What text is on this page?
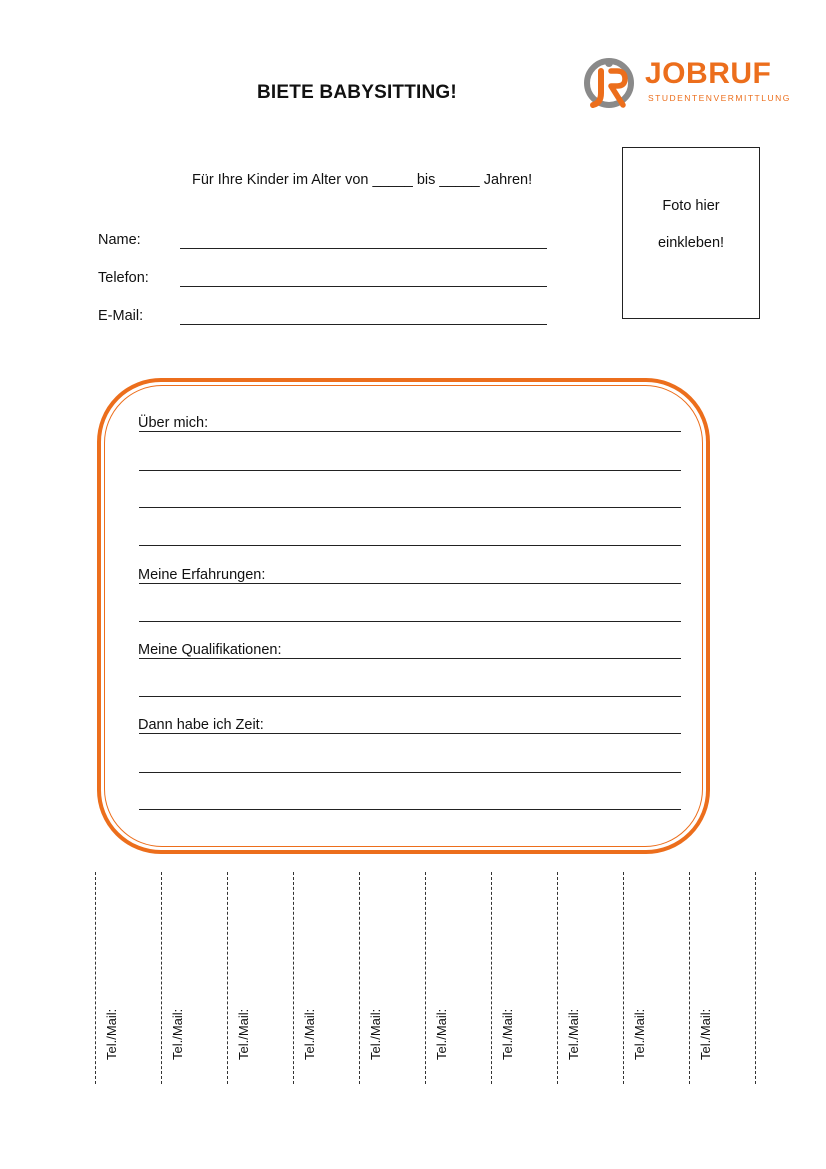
BIETE BABYSITTING!
JOBRUF
STUDENTENVERMITTLUNG
Für Ihre Kinder im Alter von _____ bis _____ Jahren!
Foto hier
einkleben!
Name:
Telefon:
E-Mail:
Über mich:
Meine Erfahrungen:
Meine Qualifikationen:
Dann habe ich Zeit:
Tel./Mail:	Tel./Mail:	Tel./Mail:	Tel./Mail:	Tel./Mail:	Tel./Mail:	Tel./Mail:	Tel./Mail:	Tel./Mail:	Tel./Mail:
